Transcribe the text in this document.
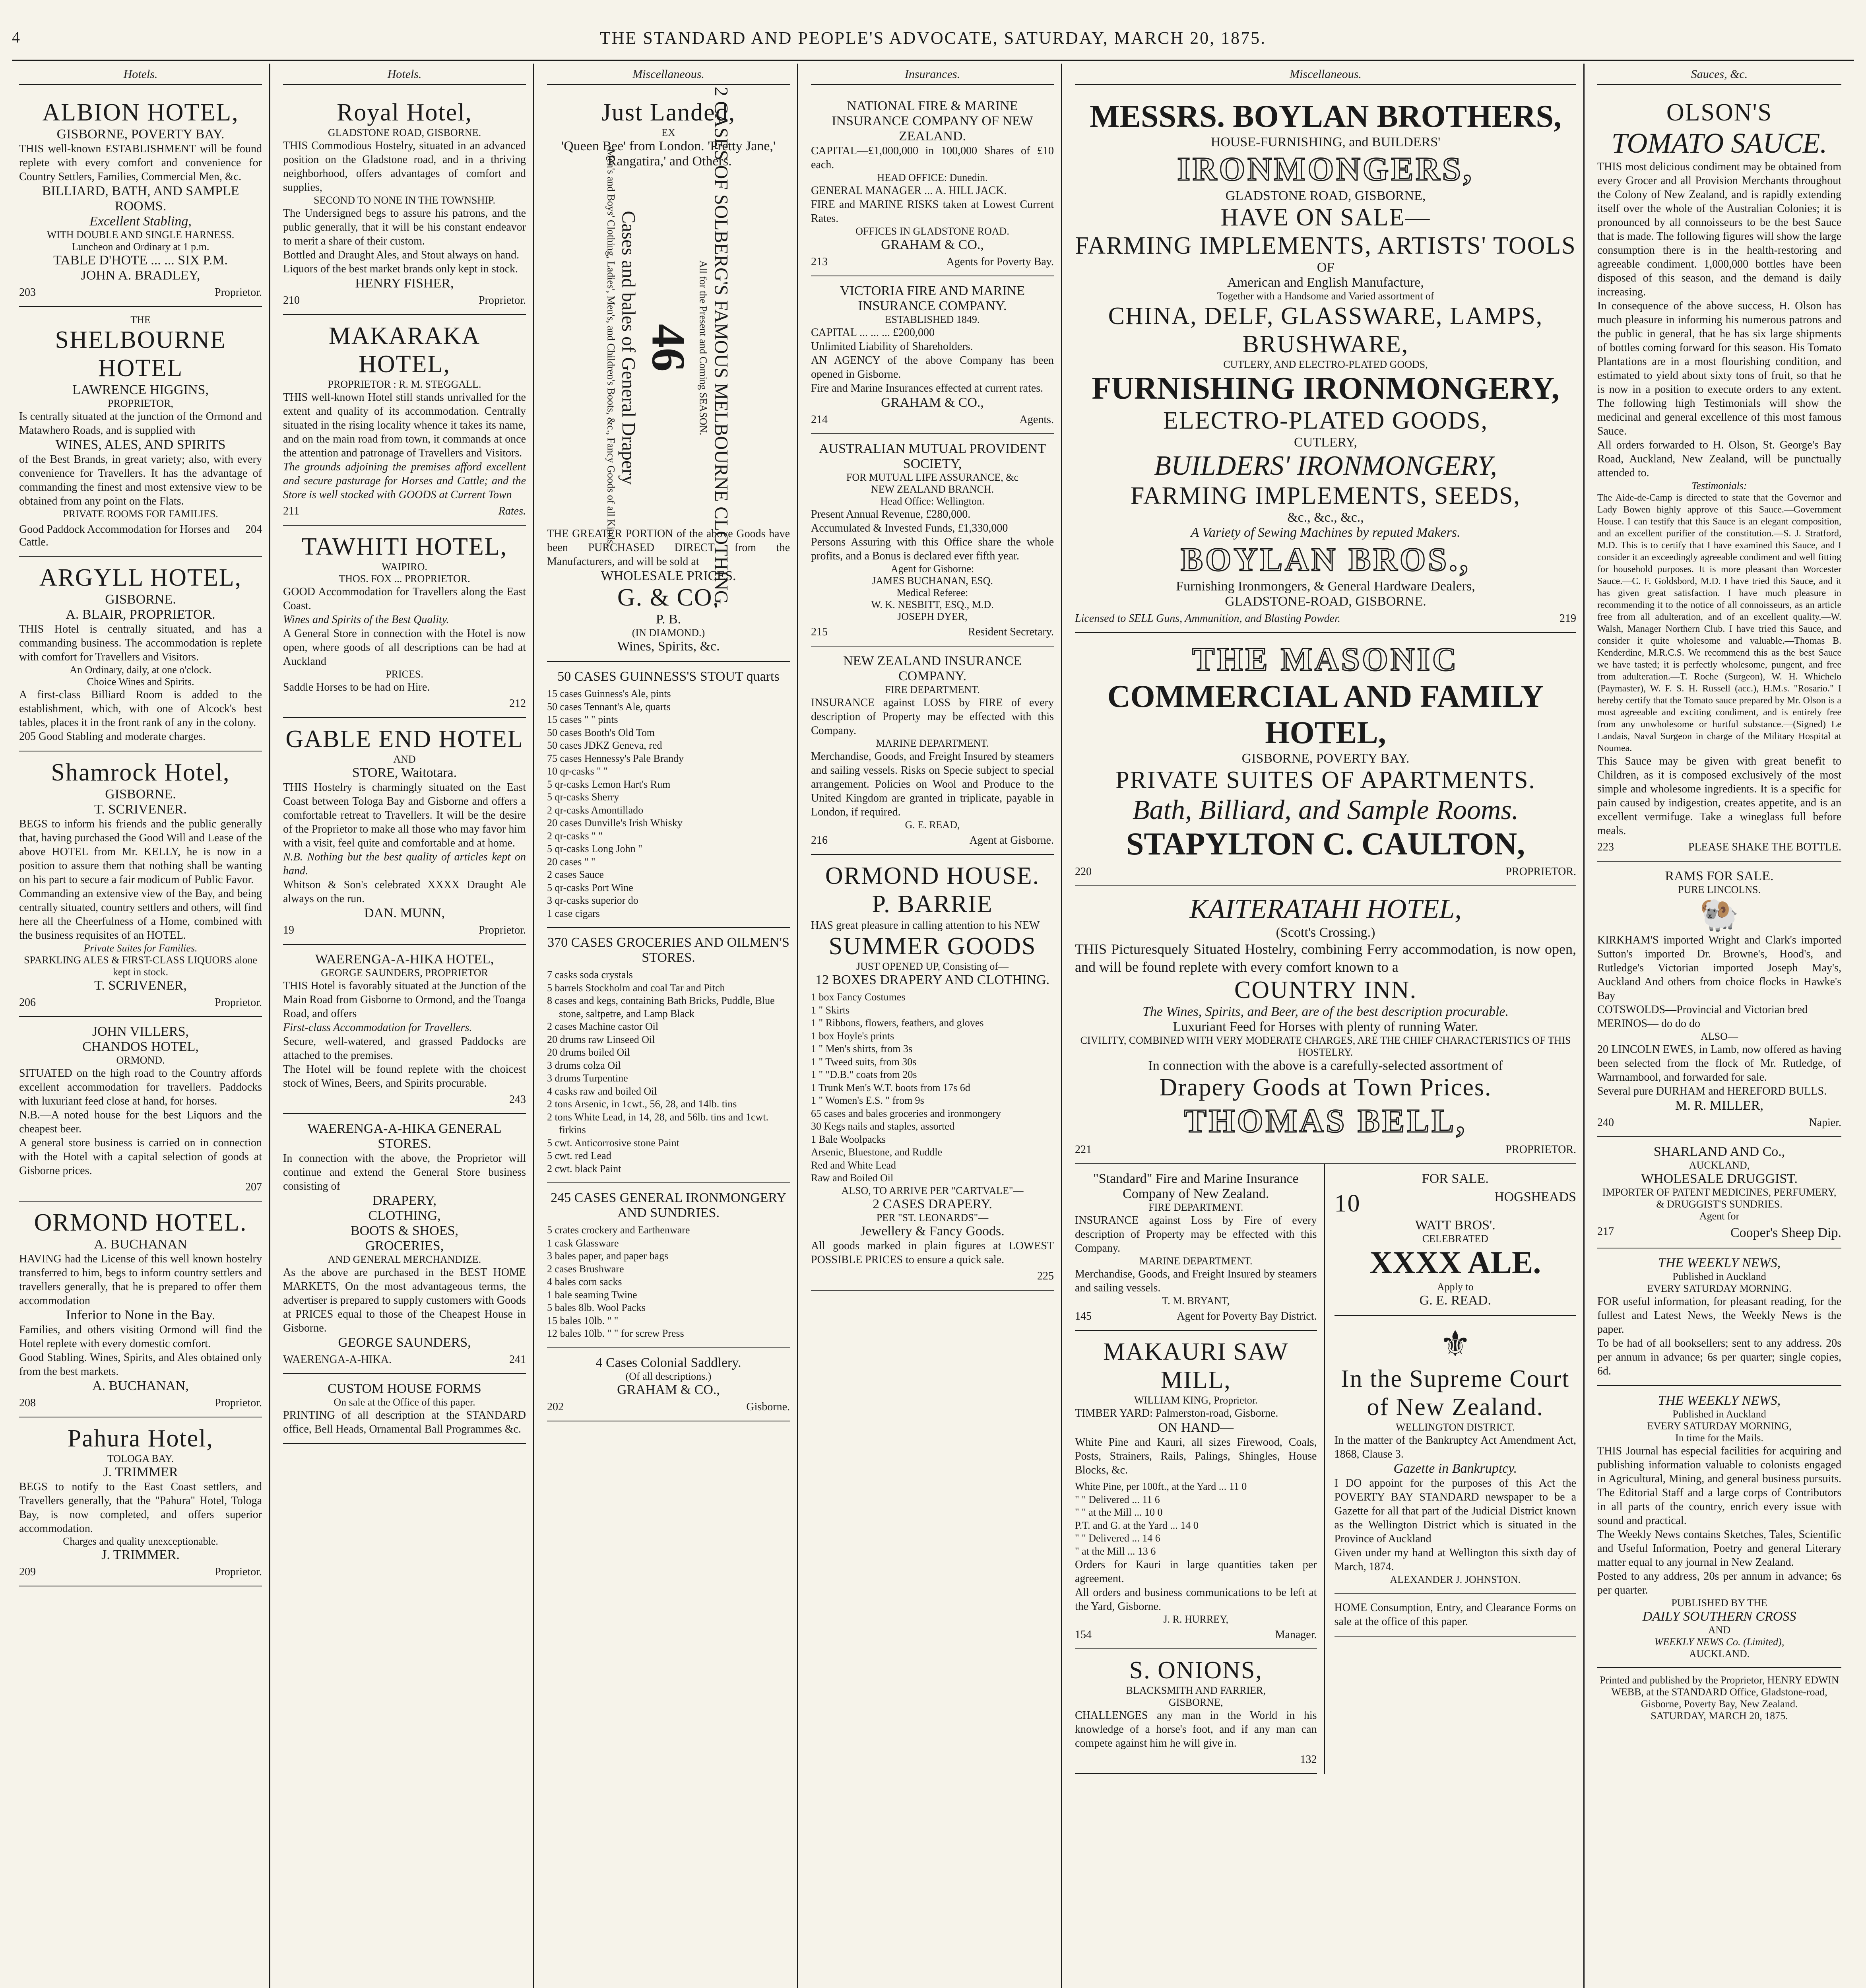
4	THE STANDARD AND PEOPLE'S ADVOCATE, SATURDAY, MARCH 20, 1875.
Hotels.
ALBION HOTEL,
GISBORNE, POVERTY BAY.
THIS well-known ESTABLISHMENT will be found replete with every comfort and convenience for Country Settlers, Families, Commercial Men, &c.
BILLIARD, BATH, AND SAMPLE ROOMS.
Excellent Stabling,
WITH DOUBLE AND SINGLE HARNESS.
Luncheon and Ordinary at 1 p.m.
TABLE D'HOTE ... ... SIX P.M.
JOHN A. BRADLEY,
203	Proprietor.
THE
SHELBOURNE HOTEL
LAWRENCE HIGGINS,
PROPRIETOR,
Is centrally situated at the junction of the Ormond and Matawhero Roads, and is supplied with
WINES, ALES, AND SPIRITS
of the Best Brands, in great variety; also, with every convenience for Travellers. It has the advantage of commanding the finest and most extensive view to be obtained from any point on the Flats.
PRIVATE ROOMS FOR FAMILIES.
Good Paddock Accommodation for Horses and Cattle.
204
ARGYLL HOTEL,
GISBORNE.
A. BLAIR, PROPRIETOR.
THIS Hotel is centrally situated, and has a commanding business. The accommodation is replete with comfort for Travellers and Visitors.
An Ordinary, daily, at one o'clock.
Choice Wines and Spirits.
A first-class Billiard Room is added to the establishment, which, with one of Alcock's best tables, places it in the front rank of any in the colony.
205 Good Stabling and moderate charges.
Shamrock Hotel,
GISBORNE.
T. SCRIVENER.
BEGS to inform his friends and the public generally that, having purchased the Good Will and Lease of the above HOTEL from Mr. KELLY, he is now in a position to assure them that nothing shall be wanting on his part to secure a fair modicum of Public Favor.
Commanding an extensive view of the Bay, and being centrally situated, country settlers and others, will find here all the Cheerfulness of a Home, combined with the business requisites of an HOTEL.
Private Suites for Families.
SPARKLING ALES & FIRST-CLASS LIQUORS alone kept in stock.
T. SCRIVENER,
206	Proprietor.
JOHN VILLERS,
CHANDOS HOTEL,
ORMOND.
SITUATED on the high road to the Country affords excellent accommodation for travellers. Paddocks with luxuriant feed close at hand, for horses.
N.B.—A noted house for the best Liquors and the cheapest beer.
A general store business is carried on in connection with the Hotel with a capital selection of goods at Gisborne prices.
207
ORMOND HOTEL.
A. BUCHANAN
HAVING had the License of this well known hostelry transferred to him, begs to inform country settlers and travellers generally, that he is prepared to offer them accommodation
Inferior to None in the Bay.
Families, and others visiting Ormond will find the Hotel replete with every domestic comfort.
Good Stabling. Wines, Spirits, and Ales obtained only from the best markets.
A. BUCHANAN,
208	Proprietor.
Pahura Hotel,
TOLOGA BAY.
J. TRIMMER
BEGS to notify to the East Coast settlers, and Travellers generally, that the "Pahura" Hotel, Tologa Bay, is now completed, and offers superior accommodation.
Charges and quality unexceptionable.
J. TRIMMER.
209	Proprietor.
Hotels.
Royal Hotel,
GLADSTONE ROAD, GISBORNE.
THIS Commodious Hostelry, situated in an advanced position on the Gladstone road, and in a thriving neighborhood, offers advantages of comfort and supplies,
SECOND TO NONE IN THE TOWNSHIP.
The Undersigned begs to assure his patrons, and the public generally, that it will be his constant endeavor to merit a share of their custom.
Bottled and Draught Ales, and Stout always on hand.
Liquors of the best market brands only kept in stock.
HENRY FISHER,
210	Proprietor.
MAKARAKA HOTEL,
PROPRIETOR : R. M. STEGGALL.
THIS well-known Hotel still stands unrivalled for the extent and quality of its accommodation. Centrally situated in the rising locality whence it takes its name, and on the main road from town, it commands at once the attention and patronage of Travellers and Visitors.
The grounds adjoining the premises afford excellent and secure pasturage for Horses and Cattle; and the Store is well stocked with GOODS at Current Town
211	Rates.
TAWHITI HOTEL,
WAIPIRO.
THOS. FOX ... PROPRIETOR.
GOOD Accommodation for Travellers along the East Coast.
Wines and Spirits of the Best Quality.
A General Store in connection with the Hotel is now open, where goods of all descriptions can be had at Auckland
PRICES.
Saddle Horses to be had on Hire.
212
GABLE END HOTEL
AND
STORE, Waitotara.
THIS Hostelry is charmingly situated on the East Coast between Tologa Bay and Gisborne and offers a comfortable retreat to Travellers. It will be the desire of the Proprietor to make all those who may favor him with a visit, feel quite and comfortable and at home.
N.B. Nothing but the best quality of articles kept on hand.
Whitson & Son's celebrated XXXX Draught Ale always on the run.
DAN. MUNN,
19	Proprietor.
WAERENGA-A-HIKA HOTEL,
GEORGE SAUNDERS, PROPRIETOR
THIS Hotel is favorably situated at the Junction of the Main Road from Gisborne to Ormond, and the Toanga Road, and offers
First-class Accommodation for Travellers.
Secure, well-watered, and grassed Paddocks are attached to the premises.
The Hotel will be found replete with the choicest stock of Wines, Beers, and Spirits procurable.
243
WAERENGA-A-HIKA GENERAL STORES.
In connection with the above, the Proprietor will continue and extend the General Store business consisting of
DRAPERY,
CLOTHING,
BOOTS & SHOES,
GROCERIES,
AND GENERAL MERCHANDIZE.
As the above are purchased in the BEST HOME MARKETS, On the most advantageous terms, the advertiser is prepared to supply customers with Goods at PRICES equal to those of the Cheapest House in Gisborne.
GEORGE SAUNDERS,
WAERENGA-A-HIKA.	241
CUSTOM HOUSE FORMS
On sale at the Office of this paper.
PRINTING of all description at the STANDARD office, Bell Heads, Ornamental Ball Programmes &c.
Miscellaneous.
Just Landed,
EX
'Queen Bee' from London. 'Pretty Jane,' 'Rangatira,' and Others.
2 CASES OF SOLBERG'S FAMOUS MELBOURNE CLOTHING.
All for the Present and Coming SEASON.
46
Cases and bales of General Drapery
Men's and Boys' Clothing, Ladies', Men's, and Children's Boots, &c., Fancy Goods of all Kinds,
THE GREATER PORTION of the above Goods have been PURCHASED DIRECT from the Manufacturers, and will be sold at
WHOLESALE PRICES.
G. & CO.
P. B.
(IN DIAMOND.)
Wines, Spirits, &c.
50 CASES GUINNESS'S STOUT quarts
15 cases Guinness's Ale, pints
50 cases Tennant's Ale, quarts
15 cases " " pints
50 cases Booth's Old Tom
50 cases JDKZ Geneva, red
75 cases Hennessy's Pale Brandy
10 qr-casks " "
5 qr-casks Lemon Hart's Rum
5 qr-casks Sherry
2 qr-casks Amontillado
20 cases Dunville's Irish Whisky
2 qr-casks " "
5 qr-casks Long John "
20 cases " "
2 cases Sauce
5 qr-casks Port Wine
3 qr-casks superior do
1 case cigars
370 CASES GROCERIES AND OILMEN'S STORES.
7 casks soda crystals
5 barrels Stockholm and coal Tar and Pitch
8 cases and kegs, containing Bath Bricks, Puddle, Blue stone, saltpetre, and Lamp Black
2 cases Machine castor Oil
20 drums raw Linseed Oil
20 drums boiled Oil
3 drums colza Oil
3 drums Turpentine
4 casks raw and boiled Oil
2 tons Arsenic, in 1cwt., 56, 28, and 14lb. tins
2 tons White Lead, in 14, 28, and 56lb. tins and 1cwt. firkins
5 cwt. Anticorrosive stone Paint
5 cwt. red Lead
2 cwt. black Paint
245 CASES GENERAL IRONMONGERY AND SUNDRIES.
5 crates crockery and Earthenware
1 cask Glassware
3 bales paper, and paper bags
2 cases Brushware
4 bales corn sacks
1 bale seaming Twine
5 bales 8lb. Wool Packs
15 bales 10lb. " "
12 bales 10lb. " " for screw Press
4 Cases Colonial Saddlery.
(Of all descriptions.)
GRAHAM & CO.,
202	Gisborne.
Insurances.
NATIONAL FIRE & MARINE INSURANCE COMPANY OF NEW ZEALAND.
CAPITAL—£1,000,000 in 100,000 Shares of £10 each.
HEAD OFFICE: Dunedin.
GENERAL MANAGER ... A. HILL JACK.
FIRE and MARINE RISKS taken at Lowest Current Rates.
OFFICES IN GLADSTONE ROAD.
GRAHAM & CO.,
213	Agents for Poverty Bay.
VICTORIA FIRE AND MARINE INSURANCE COMPANY.
ESTABLISHED 1849.
CAPITAL ... ... ... £200,000
Unlimited Liability of Shareholders.
AN AGENCY of the above Company has been opened in Gisborne.
Fire and Marine Insurances effected at current rates.
GRAHAM & CO.,
214	Agents.
AUSTRALIAN MUTUAL PROVIDENT SOCIETY,
FOR MUTUAL LIFE ASSURANCE, &c
NEW ZEALAND BRANCH.
Head Office: Wellington.
Present Annual Revenue, £280,000.
Accumulated & Invested Funds, £1,330,000
Persons Assuring with this Office share the whole profits, and a Bonus is declared ever fifth year.
Agent for Gisborne:
JAMES BUCHANAN, ESQ.
Medical Referee:
W. K. NESBITT, ESQ., M.D.
JOSEPH DYER,
215	Resident Secretary.
NEW ZEALAND INSURANCE COMPANY.
FIRE DEPARTMENT.
INSURANCE against LOSS by FIRE of every description of Property may be effected with this Company.
MARINE DEPARTMENT.
Merchandise, Goods, and Freight Insured by steamers and sailing vessels. Risks on Specie subject to special arrangement. Policies on Wool and Produce to the United Kingdom are granted in triplicate, payable in London, if required.
G. E. READ,
216	Agent at Gisborne.
ORMOND HOUSE.
P. BARRIE
HAS great pleasure in calling attention to his NEW
SUMMER GOODS
JUST OPENED UP, Consisting of—
12 BOXES DRAPERY AND CLOTHING.
1 box Fancy Costumes
1 " Skirts
1 " Ribbons, flowers, feathers, and gloves
1 box Hoyle's prints
1 " Men's shirts, from 3s
1 " Tweed suits, from 30s
1 " "D.B." coats from 20s
1 Trunk Men's W.T. boots from 17s 6d
1 " Women's E.S. " from 9s
65 cases and bales groceries and ironmongery
30 Kegs nails and staples, assorted
1 Bale Woolpacks
Arsenic, Bluestone, and Ruddle
Red and White Lead
Raw and Boiled Oil
ALSO, TO ARRIVE PER "CARTVALE"—
2 CASES DRAPERY.
PER "ST. LEONARDS"—
Jewellery & Fancy Goods.
All goods marked in plain figures at LOWEST POSSIBLE PRICES to ensure a quick sale.
225
Miscellaneous.
MESSRS. BOYLAN BROTHERS,
HOUSE-FURNISHING, and BUILDERS'
IRONMONGERS,
GLADSTONE ROAD, GISBORNE,
HAVE ON SALE—
FARMING IMPLEMENTS, ARTISTS' TOOLS
OF
American and English Manufacture,
Together with a Handsome and Varied assortment of
CHINA, DELF, GLASSWARE, LAMPS, BRUSHWARE,
CUTLERY, AND ELECTRO-PLATED GOODS,
FURNISHING IRONMONGERY,
ELECTRO-PLATED GOODS,
CUTLERY,
BUILDERS' IRONMONGERY,
FARMING IMPLEMENTS, SEEDS,
&c., &c., &c.,
A Variety of Sewing Machines by reputed Makers.
BOYLAN BROS.,
Furnishing Ironmongers, & General Hardware Dealers,
GLADSTONE-ROAD, GISBORNE.
Licensed to SELL Guns, Ammunition, and Blasting Powder.	219
THE MASONIC
COMMERCIAL AND FAMILY HOTEL,
GISBORNE, POVERTY BAY.
PRIVATE SUITES OF APARTMENTS.
Bath, Billiard, and Sample Rooms.
STAPYLTON C. CAULTON,
220	PROPRIETOR.
KAITERATAHI HOTEL,
(Scott's Crossing.)
THIS Picturesquely Situated Hostelry, combining Ferry accommodation, is now open, and will be found replete with every comfort known to a
COUNTRY INN.
The Wines, Spirits, and Beer, are of the best description procurable.
Luxuriant Feed for Horses with plenty of running Water.
CIVILITY, COMBINED WITH VERY MODERATE CHARGES, ARE THE CHIEF CHARACTERISTICS OF THIS HOSTELRY.
In connection with the above is a carefully-selected assortment of
Drapery Goods at Town Prices.
THOMAS BELL,
221	PROPRIETOR.
"Standard" Fire and Marine Insurance Company of New Zealand.
FIRE DEPARTMENT.
INSURANCE against Loss by Fire of every description of Property may be effected with this Company.
MARINE DEPARTMENT.
Merchandise, Goods, and Freight Insured by steamers and sailing vessels.
T. M. BRYANT,
145	Agent for Poverty Bay District.
MAKAURI SAW MILL,
WILLIAM KING, Proprietor.
TIMBER YARD: Palmerston-road, Gisborne.
ON HAND—
White Pine and Kauri, all sizes Firewood, Coals, Posts, Strainers, Rails, Palings, Shingles, House Blocks, &c.
White Pine, per 100ft., at the Yard ... 11 0
" " Delivered ... 11 6
" " at the Mill ... 10 0
P.T. and G. at the Yard ... 14 0
" " Delivered ... 14 6
" at the Mill ... 13 6
Orders for Kauri in large quantities taken per agreement.
All orders and business communications to be left at the Yard, Gisborne.
J. R. HURREY,
154	Manager.
S. ONIONS,
BLACKSMITH AND FARRIER,
GISBORNE,
CHALLENGES any man in the World in his knowledge of a horse's foot, and if any man can compete against him he will give in.
132
FOR SALE.
10	HOGSHEADS
WATT BROS'.
CELEBRATED
XXXX ALE.
Apply to
G. E. READ.
⚜
In the Supreme Court of New Zealand.
WELLINGTON DISTRICT.
In the matter of the Bankruptcy Act Amendment Act, 1868, Clause 3.
Gazette in Bankruptcy.
I DO appoint for the purposes of this Act the POVERTY BAY STANDARD newspaper to be a Gazette for all that part of the Judicial District known as the Wellington District which is situated in the Province of Auckland
Given under my hand at Wellington this sixth day of March, 1874.
ALEXANDER J. JOHNSTON.
HOME Consumption, Entry, and Clearance Forms on sale at the office of this paper.
Sauces, &c.
OLSON'S
TOMATO SAUCE.
THIS most delicious condiment may be obtained from every Grocer and all Provision Merchants throughout the Colony of New Zealand, and is rapidly extending itself over the whole of the Australian Colonies; it is pronounced by all connoisseurs to be the best Sauce that is made. The following figures will show the large consumption there is in the health-restoring and agreeable condiment. 1,000,000 bottles have been disposed of this season, and the demand is daily increasing.
In consequence of the above success, H. Olson has much pleasure in informing his numerous patrons and the public in general, that he has six large shipments of bottles coming forward for this season. His Tomato Plantations are in a most flourishing condition, and estimated to yield about sixty tons of fruit, so that he is now in a position to execute orders to any extent. The following high Testimonials will show the medicinal and general excellence of this most famous Sauce.
All orders forwarded to H. Olson, St. George's Bay Road, Auckland, New Zealand, will be punctually attended to.
Testimonials:
The Aide-de-Camp is directed to state that the Governor and Lady Bowen highly approve of this Sauce.—Government House. I can testify that this Sauce is an elegant composition, and an excellent purifier of the constitution.—S. J. Stratford, M.D. This is to certify that I have examined this Sauce, and I consider it an exceedingly agreeable condiment and well fitting for household purposes. It is more pleasant than Worcester Sauce.—C. F. Goldsbord, M.D. I have tried this Sauce, and it has given great satisfaction. I have much pleasure in recommending it to the notice of all connoisseurs, as an article free from all adulteration, and of an excellent quality.—W. Walsh, Manager Northern Club. I have tried this Sauce, and consider it quite wholesome and valuable.—Thomas B. Kenderdine, M.R.C.S. We recommend this as the best Sauce we have tasted; it is perfectly wholesome, pungent, and free from adulteration.—T. Roche (Surgeon), W. H. Whichelo (Paymaster), W. F. S. H. Russell (acc.), H.M.s. "Rosario." I hereby certify that the Tomato sauce prepared by Mr. Olson is a most agreeable and exciting condiment, and is entirely free from any unwholesome or hurtful substance.—(Signed) Le Landais, Naval Surgeon in charge of the Military Hospital at Noumea.
This Sauce may be given with great benefit to Children, as it is composed exclusively of the most simple and wholesome ingredients. It is a specific for pain caused by indigestion, creates appetite, and is an excellent vermifuge. Take a wineglass full before meals.
223	PLEASE SHAKE THE BOTTLE.
RAMS FOR SALE.
PURE LINCOLNS.
🐏
KIRKHAM'S imported Wright and Clark's imported Sutton's imported Dr. Browne's, Hood's, and Rutledge's Victorian imported Joseph May's, Auckland And others from choice flocks in Hawke's Bay
COTSWOLDS—Provincial and Victorian bred
MERINOS— do do do
ALSO—
20 LINCOLN EWES, in Lamb, now offered as having been selected from the flock of Mr. Rutledge, of Warrnambool, and forwarded for sale.
Several pure DURHAM and HEREFORD BULLS.
M. R. MILLER,
240	Napier.
SHARLAND AND Co.,
AUCKLAND,
WHOLESALE DRUGGIST.
IMPORTER OF PATENT MEDICINES, PERFUMERY, & DRUGGIST'S SUNDRIES.
Agent for
217	Cooper's Sheep Dip.
THE WEEKLY NEWS,
Published in Auckland
EVERY SATURDAY MORNING.
FOR useful information, for pleasant reading, for the fullest and Latest News, the Weekly News is the paper.
To be had of all booksellers; sent to any address. 20s per annum in advance; 6s per quarter; single copies, 6d.
THE WEEKLY NEWS,
Published in Auckland
EVERY SATURDAY MORNING,
In time for the Mails.
THIS Journal has especial facilities for acquiring and publishing information valuable to colonists engaged in Agricultural, Mining, and general business pursuits. The Editorial Staff and a large corps of Contributors in all parts of the country, enrich every issue with sound and practical.
The Weekly News contains Sketches, Tales, Scientific and Useful Information, Poetry and general Literary matter equal to any journal in New Zealand.
Posted to any address, 20s per annum in advance; 6s per quarter.
PUBLISHED BY THE
DAILY SOUTHERN CROSS
AND
WEEKLY NEWS Co. (Limited),
AUCKLAND.
Printed and published by the Proprietor, HENRY EDWIN WEBB, at the STANDARD Office, Gladstone-road, Gisborne, Poverty Bay, New Zealand.
SATURDAY, MARCH 20, 1875.
